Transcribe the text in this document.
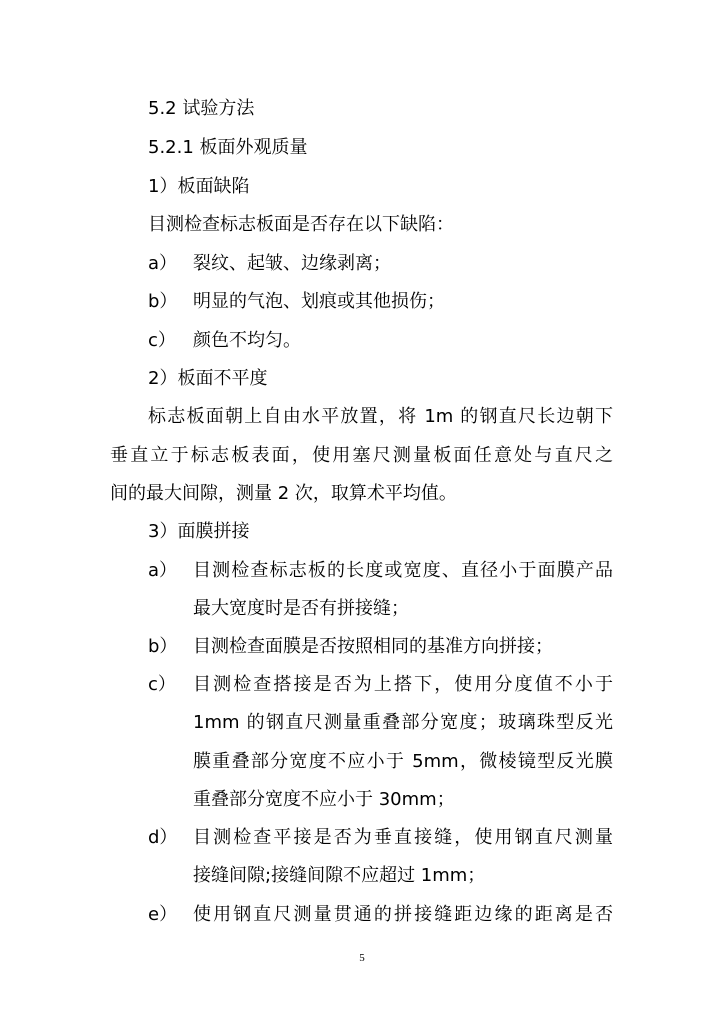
5.2 试验方法
5.2.1 板面外观质量
1）板面缺陷
目测检查标志板面是否存在以下缺陷：
a） 裂纹、起皱、边缘剥离；
b） 明显的气泡、划痕或其他损伤；
c） 颜色不均匀。
2）板面不平度
标志板面朝上自由水平放置，将 1m 的钢直尺长边朝下
垂直立于标志板表面，使用塞尺测量板面任意处与直尺之
间的最大间隙，测量 2 次，取算术平均值。
3）面膜拼接
a） 目测检查标志板的长度或宽度、直径小于面膜产品
最大宽度时是否有拼接缝；
b） 目测检查面膜是否按照相同的基准方向拼接；
c） 目测检查搭接是否为上搭下，使用分度值不小于
1mm 的钢直尺测量重叠部分宽度；玻璃珠型反光
膜重叠部分宽度不应小于 5mm，微棱镜型反光膜
重叠部分宽度不应小于 30mm；
d） 目测检查平接是否为垂直接缝，使用钢直尺测量
接缝间隙;接缝间隙不应超过 1mm；
e） 使用钢直尺测量贯通的拼接缝距边缘的距离是否
5
